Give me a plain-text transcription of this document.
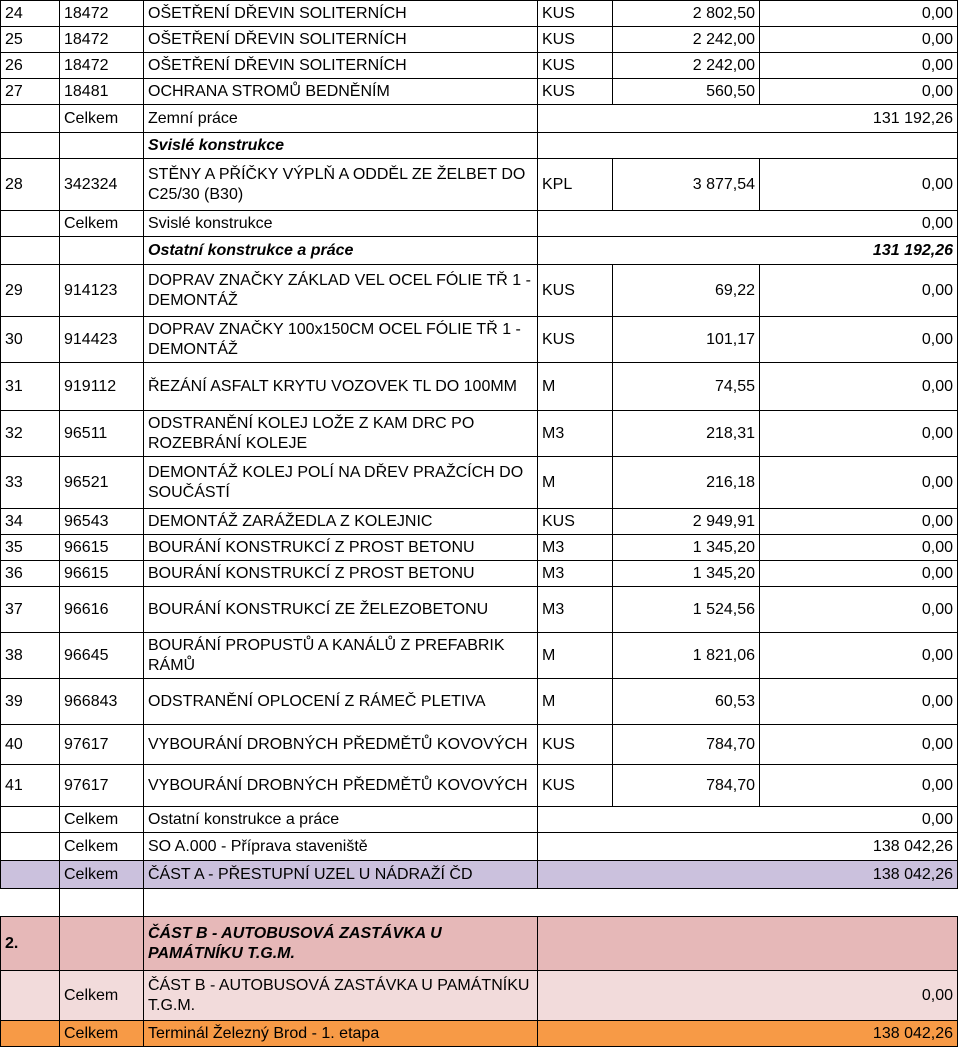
24	18472	OŠETŘENÍ DŘEVIN SOLITERNÍCH	KUS	2 802,50	0,00
25	18472	OŠETŘENÍ DŘEVIN SOLITERNÍCH	KUS	2 242,00	0,00
26	18472	OŠETŘENÍ DŘEVIN SOLITERNÍCH	KUS	2 242,00	0,00
27	18481	OCHRANA STROMŮ BEDNĚNÍM	KUS	560,50	0,00
	Celkem	Zemní práce	131 192,26		
		Svislé konstrukce			
28	342324	STĚNY A PŘÍČKY VÝPLŇ A ODDĚL ZE ŽELBET DO C25/30 (B30)	KPL	3 877,54	0,00
	Celkem	Svislé konstrukce	0,00		
		Ostatní konstrukce a práce	131 192,26		
29	914123	DOPRAV ZNAČKY ZÁKLAD VEL OCEL FÓLIE TŘ 1 - DEMONTÁŽ	KUS	69,22	0,00
30	914423	DOPRAV ZNAČKY 100x150CM OCEL FÓLIE TŘ 1 - DEMONTÁŽ	KUS	101,17	0,00
31	919112	ŘEZÁNÍ ASFALT KRYTU VOZOVEK TL DO 100MM	M	74,55	0,00
32	96511	ODSTRANĚNÍ KOLEJ LOŽE Z KAM DRC PO ROZEBRÁNÍ KOLEJE	M3	218,31	0,00
33	96521	DEMONTÁŽ KOLEJ POLÍ NA DŘEV PRAŽCÍCH DO SOUČÁSTÍ	M	216,18	0,00
34	96543	DEMONTÁŽ ZARÁŽEDLA Z KOLEJNIC	KUS	2 949,91	0,00
35	96615	BOURÁNÍ KONSTRUKCÍ Z PROST BETONU	M3	1 345,20	0,00
36	96615	BOURÁNÍ KONSTRUKCÍ Z PROST BETONU	M3	1 345,20	0,00
37	96616	BOURÁNÍ KONSTRUKCÍ ZE ŽELEZOBETONU	M3	1 524,56	0,00
38	96645	BOURÁNÍ PROPUSTŮ A KANÁLŮ Z PREFABRIK RÁMŮ	M	1 821,06	0,00
39	966843	ODSTRANĚNÍ OPLOCENÍ Z RÁMEČ PLETIVA	M	60,53	0,00
40	97617	VYBOURÁNÍ DROBNÝCH PŘEDMĚTŮ KOVOVÝCH	KUS	784,70	0,00
41	97617	VYBOURÁNÍ DROBNÝCH PŘEDMĚTŮ KOVOVÝCH	KUS	784,70	0,00
	Celkem	Ostatní konstrukce a práce	0,00		
	Celkem	SO A.000 - Příprava staveniště	138 042,26		
	Celkem	ČÁST A - PŘESTUPNÍ UZEL U NÁDRAŽÍ ČD	138 042,26		

2.		ČÁST B - AUTOBUSOVÁ ZASTÁVKA U PAMÁTNÍKU T.G.M.			
	Celkem	ČÁST B - AUTOBUSOVÁ ZASTÁVKA U PAMÁTNÍKU T.G.M.	0,00		
	Celkem	Terminál Železný Brod - 1. etapa	138 042,26		
